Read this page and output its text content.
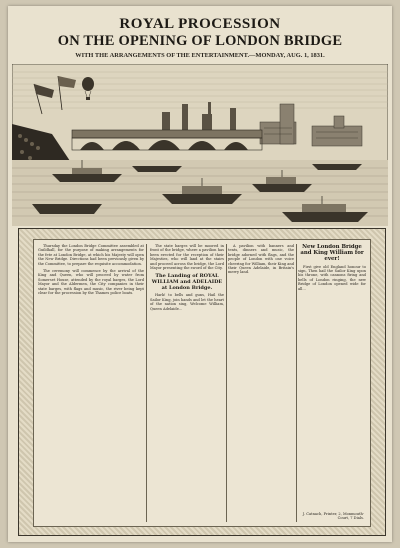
ROYAL PROCESSION
ON THE OPENING OF LONDON BRIDGE
WITH THE ARRANGEMENTS OF THE ENTERTAINMENT.—MONDAY, AUG. 1, 1831.

Thursday the London Bridge Committee assembled at Guildhall, for the purpose of making arrangements for the fete at London Bridge, at which his Majesty will open the New Bridge. Directions had been previously given by the Committee, to prepare the requisite accommodation.

The ceremony will commence by the arrival of the King and Queen, who will proceed by water from Somerset House, attended by the royal barges, the Lord Mayor and the Aldermen, the City companies in their state barges, with flags and music, the river being kept clear for the procession by the Thames police boats.

The state barges will be moored in front of the bridge, where a pavilion has been erected for the reception of their Majesties, who will land at the stairs and proceed across the bridge, the Lord Mayor presenting the sword of the City.

The Landing of ROYAL WILLIAM and ADELAIDE at London Bridge.

Hark! to bells and guns, Hail the Sailor King, join hands and let the heart of the nation sing, Welcome William, Queen Adelaide...

A pavilion with banners and tents, dinners and music, the bridge adorned with flags, and the people of London with one voice cheering for William, their King and their Queen Adelaide, in Britain's merry land.

New London Bridge and King William for ever!

First give old England honour to sign, Then hail the Sailor King upon his throne, with cannons firing and bells of London ringing, the new Bridge of London opened wide for all...

J. Catnach, Printer, 2, Monmouth-
Court, 7 Dials.
